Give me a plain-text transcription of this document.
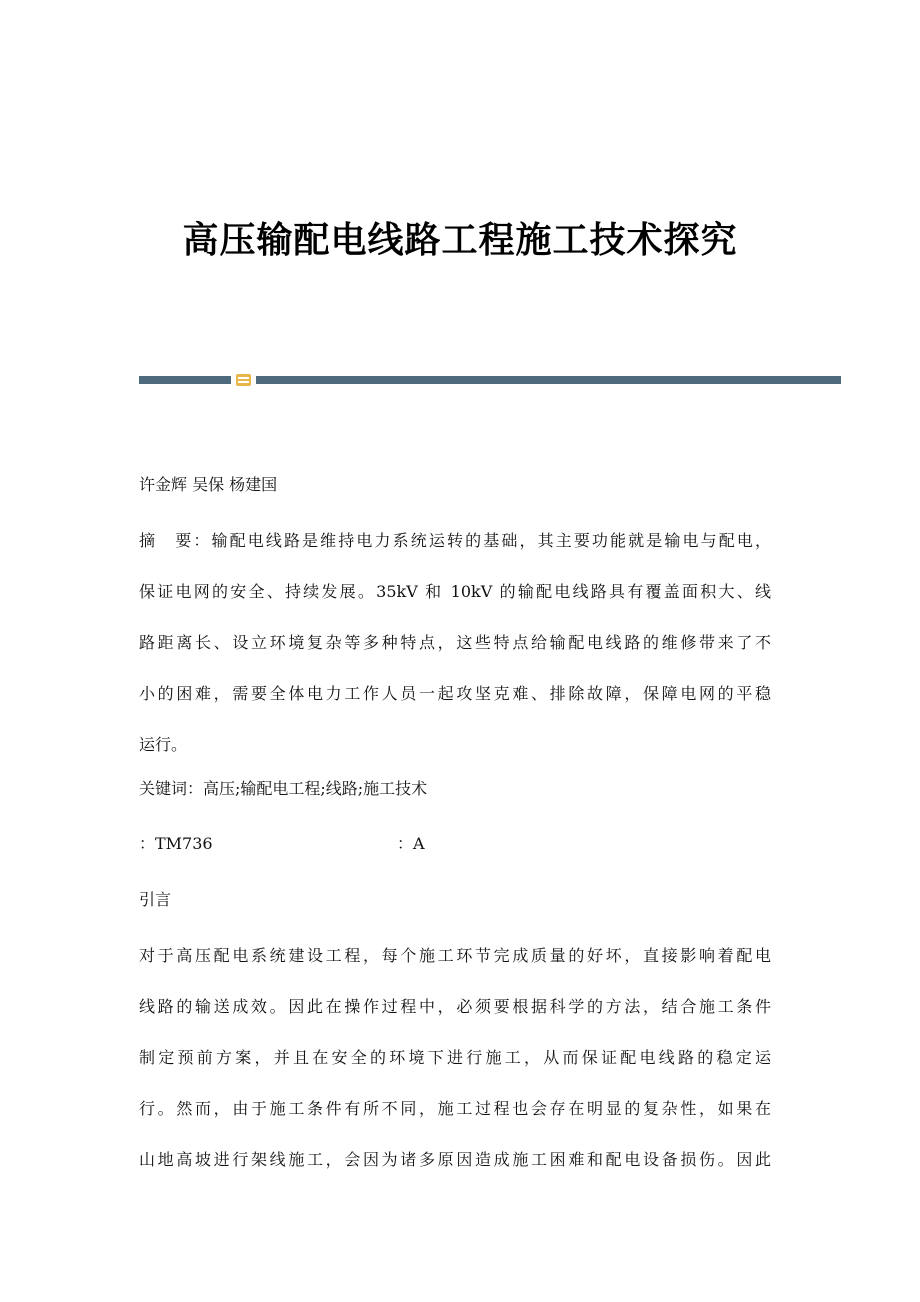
高压输配电线路工程施工技术探究
许金辉 吴保 杨建国
摘　要：输配电线路是维持电力系统运转的基础，其主要功能就是输电与配电，
保证电网的安全、持续发展。35kV 和 10kV 的输配电线路具有覆盖面积大、线
路距离长、设立环境复杂等多种特点，这些特点给输配电线路的维修带来了不
小的困难，需要全体电力工作人员一起攻坚克难、排除故障，保障电网的平稳
运行。
关键词：高压;输配电工程;线路;施工技术
：TM736	：A
引言
对于高压配电系统建设工程，每个施工环节完成质量的好坏，直接影响着配电
线路的输送成效。因此在操作过程中，必须要根据科学的方法，结合施工条件
制定预前方案，并且在安全的环境下进行施工，从而保证配电线路的稳定运
行。然而，由于施工条件有所不同，施工过程也会存在明显的复杂性，如果在
山地高坡进行架线施工，会因为诸多原因造成施工困难和配电设备损伤。因此
